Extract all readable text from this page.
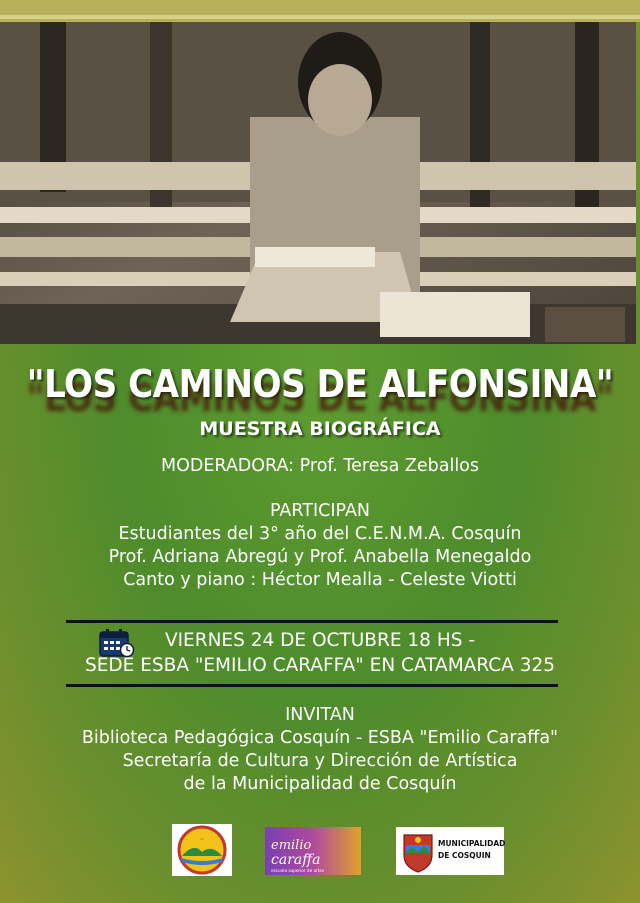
"LOS CAMINOS DE ALFONSINA"
MUESTRA BIOGRÁFICA
MODERADORA: Prof. Teresa Zeballos
PARTICIPAN
Estudiantes del 3° año del C.E.N.M.A. Cosquín
Prof. Adriana Abregú y Prof. Anabella Menegaldo
Canto y piano : Héctor Mealla - Celeste Viotti
VIERNES 24 DE OCTUBRE 18 HS -
SEDE ESBA "EMILIO CARAFFA" EN CATAMARCA 325
INVITAN
Biblioteca Pedagógica Cosquín - ESBA "Emilio Caraffa"
Secretaría de Cultura y Dirección de Artística
de la Municipalidad de Cosquín
~	emilio
caraffa
escuela superior de artes
MUNICIPALIDAD
DE COSQUIN
